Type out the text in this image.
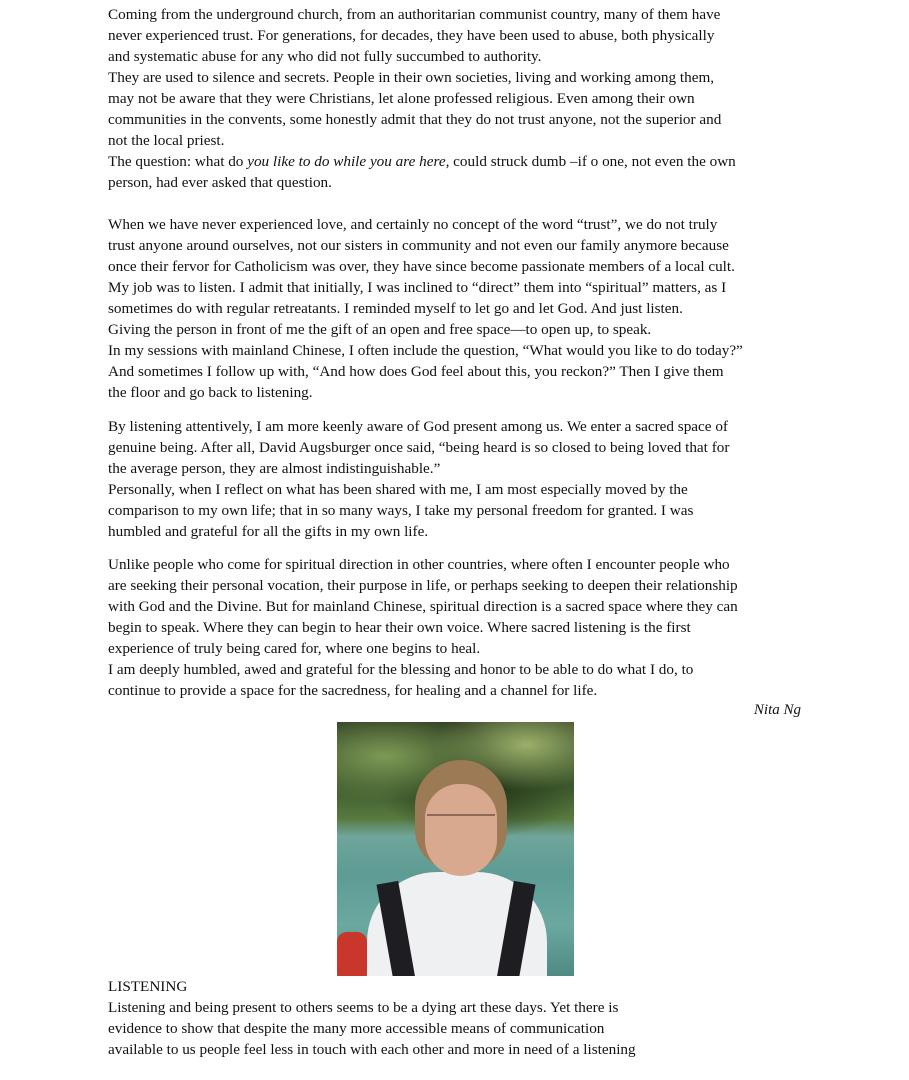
Coming from the underground church, from an authoritarian communist country, many of them have
never experienced trust. For generations, for decades, they have been used to abuse, both physically
and systematic abuse for any who did not fully succumbed to authority.
They are used to silence and secrets. People in their own societies, living and working among them,
may not be aware that they were Christians, let alone professed religious. Even among their own
communities in the convents, some honestly admit that they do not trust anyone, not the superior and
not the local priest.
The question: what do you like to do while you are here, could struck dumb –if o one, not even the own
person, had ever asked that question.
When we have never experienced love, and certainly no concept of the word “trust”, we do not truly
trust anyone around ourselves, not our sisters in community and not even our family anymore because
once their fervor for Catholicism was over, they have since become passionate members of a local cult.
My job was to listen. I admit that initially, I was inclined to “direct” them into “spiritual” matters, as I
sometimes do with regular retreatants. I reminded myself to let go and let God. And just listen.
Giving the person in front of me the gift of an open and free space—to open up, to speak.
In my sessions with mainland Chinese, I often include the question, “What would you like to do today?”
And sometimes I follow up with, “And how does God feel about this, you reckon?” Then I give them
the floor and go back to listening.
By listening attentively, I am more keenly aware of God present among us. We enter a sacred space of
genuine being. After all, David Augsburger once said, “being heard is so closed to being loved that for
the average person, they are almost indistinguishable.”
Personally, when I reflect on what has been shared with me, I am most especially moved by the
comparison to my own life; that in so many ways, I take my personal freedom for granted. I was
humbled and grateful for all the gifts in my own life.
Unlike people who come for spiritual direction in other countries, where often I encounter people who
are seeking their personal vocation, their purpose in life, or perhaps seeking to deepen their relationship
with God and the Divine. But for mainland Chinese, spiritual direction is a sacred space where they can
begin to speak. Where they can begin to hear their own voice. Where sacred listening is the first
experience of truly being cared for, where one begins to heal.
I am deeply humbled, awed and grateful for the blessing and honor to be able to do what I do, to
continue to provide a space for the sacredness, for healing and a channel for life.
Nita Ng
LISTENING
Listening and being present to others seems to be a dying art these days. Yet there is
evidence to show that despite the many more accessible means of communication
available to us people feel less in touch with each other and more in need of a listening
